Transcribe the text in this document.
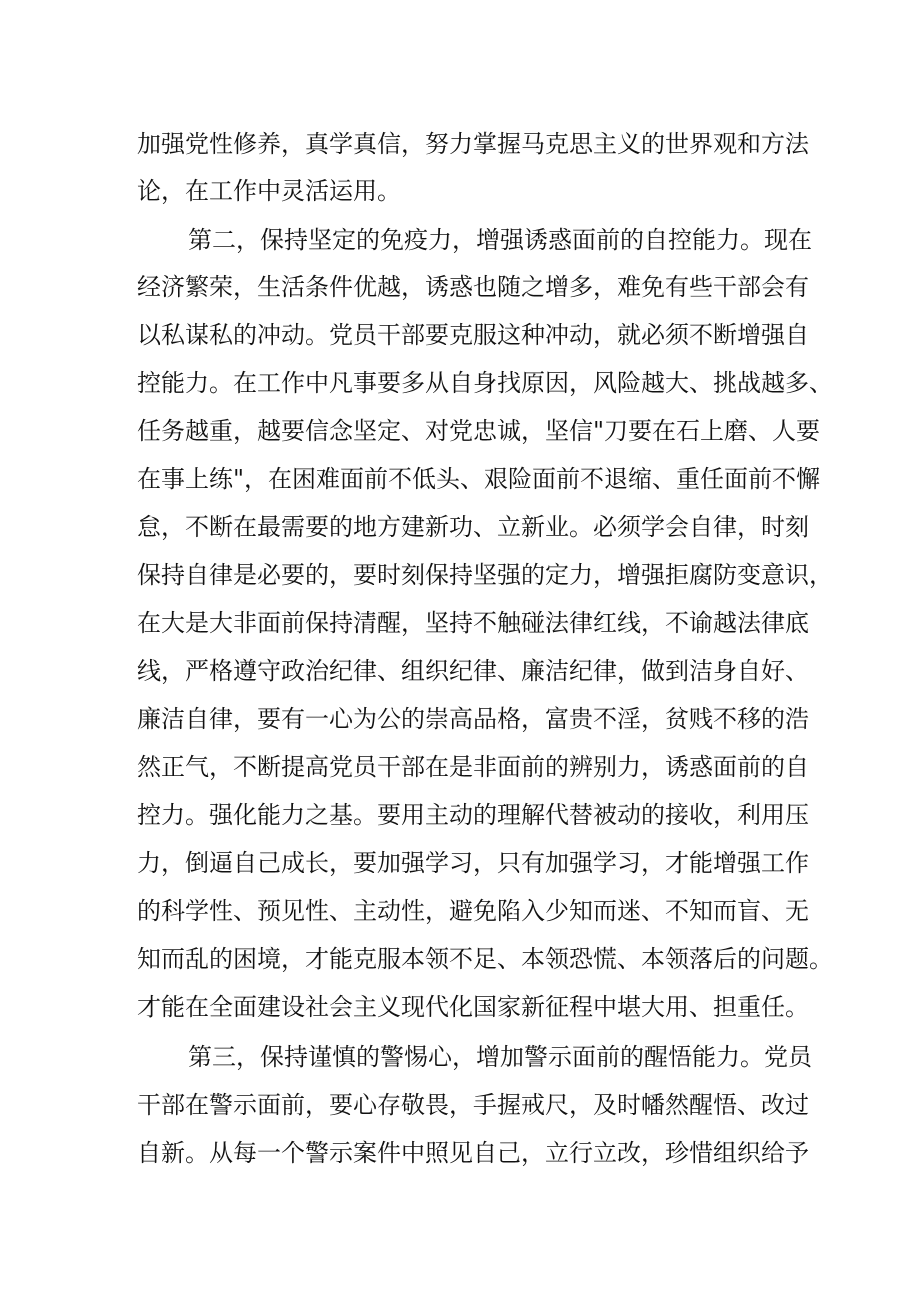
加强党性修养，真学真信，努力掌握马克思主义的世界观和方法
论，在工作中灵活运用。
第二，保持坚定的免疫力，增强诱惑面前的自控能力。现在
经济繁荣，生活条件优越，诱惑也随之增多，难免有些干部会有
以私谋私的冲动。党员干部要克服这种冲动，就必须不断增强自
控能力。在工作中凡事要多从自身找原因，风险越大、挑战越多、
任务越重，越要信念坚定、对党忠诚，坚信"刀要在石上磨、人要
在事上练"，在困难面前不低头、艰险面前不退缩、重任面前不懈
怠，不断在最需要的地方建新功、立新业。必须学会自律，时刻
保持自律是必要的，要时刻保持坚强的定力，增强拒腐防变意识，
在大是大非面前保持清醒，坚持不触碰法律红线，不谕越法律底
线，严格遵守政治纪律、组织纪律、廉洁纪律，做到洁身自好、
廉洁自律，要有一心为公的崇高品格，富贵不淫，贫贱不移的浩
然正气，不断提高党员干部在是非面前的辨别力，诱惑面前的自
控力。强化能力之基。要用主动的理解代替被动的接收，利用压
力，倒逼自己成长，要加强学习，只有加强学习，才能增强工作
的科学性、预见性、主动性，避免陷入少知而迷、不知而盲、无
知而乱的困境，才能克服本领不足、本领恐慌、本领落后的问题。
才能在全面建设社会主义现代化国家新征程中堪大用、担重任。
第三，保持谨慎的警惕心，增加警示面前的醒悟能力。党员
干部在警示面前，要心存敬畏，手握戒尺，及时幡然醒悟、改过
自新。从每一个警示案件中照见自己，立行立改，珍惜组织给予
